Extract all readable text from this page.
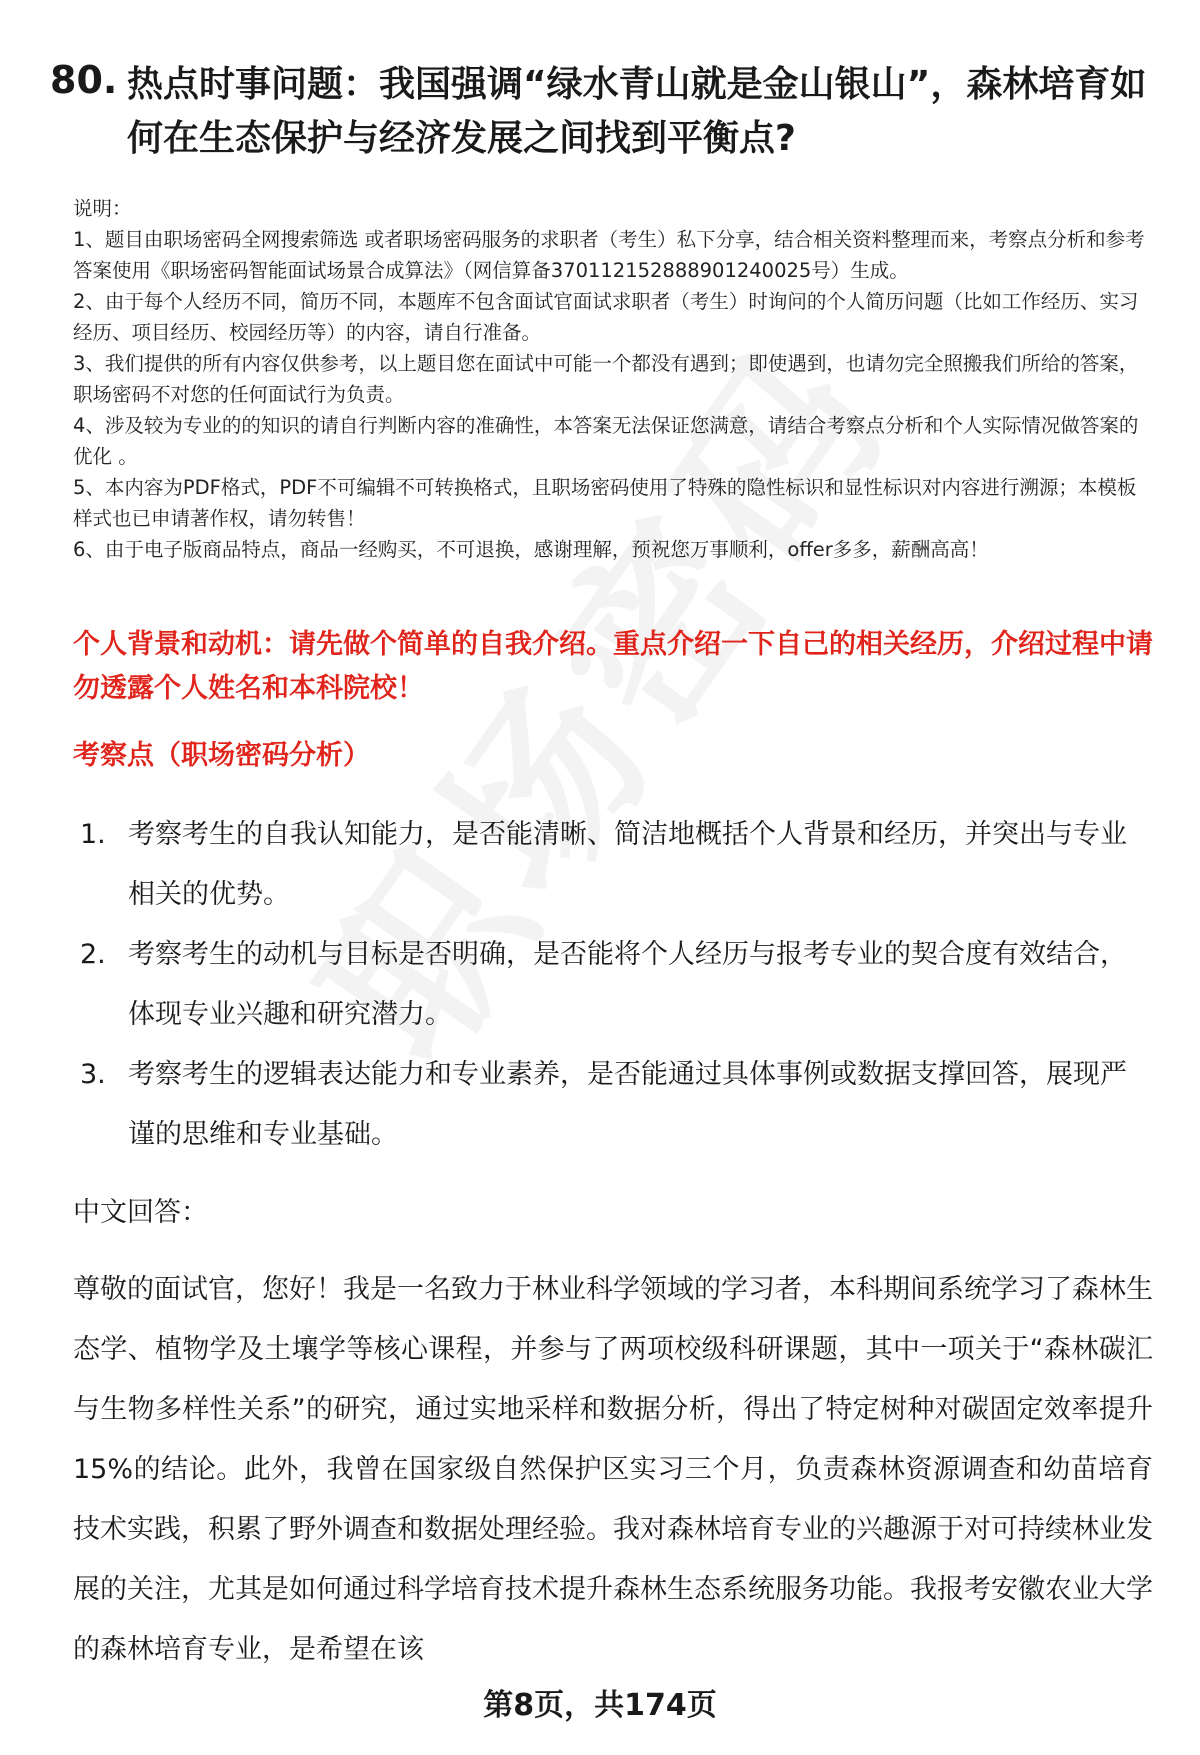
80. 热点时事问题：我国强调“绿水青山就是金山银山”，森林培育如何在生态保护与经济发展之间找到平衡点?

说明：

1、题目由职场密码全网搜索筛选 或者职场密码服务的求职者（考生）私下分享，结合相关资料整理而来，考察点分析和参考答案使用《职场密码智能面试场景合成算法》（网信算备370112152888901240025号）生成。

2、由于每个人经历不同，简历不同，本题库不包含面试官面试求职者（考生）时询问的个人简历问题（比如工作经历、实习经历、项目经历、校园经历等）的内容，请自行准备。

3、我们提供的所有内容仅供参考，以上题目您在面试中可能一个都没有遇到；即使遇到，也请勿完全照搬我们所给的答案，职场密码不对您的任何面试行为负责。

4、涉及较为专业的的知识的请自行判断内容的准确性，本答案无法保证您满意，请结合考察点分析和个人实际情况做答案的优化 。

5、本内容为PDF格式，PDF不可编辑不可转换格式，且职场密码使用了特殊的隐性标识和显性标识对内容进行溯源；本模板样式也已申请著作权，请勿转售！

6、由于电子版商品特点，商品一经购买，不可退换，感谢理解，预祝您万事顺利，offer多多，薪酬高高！

个人背景和动机：请先做个简单的自我介绍。重点介绍一下自己的相关经历，介绍过程中请勿透露个人姓名和本科院校！
考察点（职场密码分析）
1. 考察考生的自我认知能力，是否能清晰、简洁地概括个人背景和经历，并突出与专业相关的优势。
2. 考察考生的动机与目标是否明确，是否能将个人经历与报考专业的契合度有效结合，体现专业兴趣和研究潜力。
3. 考察考生的逻辑表达能力和专业素养，是否能通过具体事例或数据支撑回答，展现严谨的思维和专业基础。
中文回答：

尊敬的面试官，您好！我是一名致力于林业科学领域的学习者，本科期间系统学习了森林生态学、植物学及土壤学等核心课程，并参与了两项校级科研课题，其中一项关于“森林碳汇与生物多样性关系”的研究，通过实地采样和数据分析，得出了特定树种对碳固定效率提升15%的结论。此外，我曾在国家级自然保护区实习三个月，负责森林资源调查和幼苗培育技术实践，积累了野外调查和数据处理经验。我对森林培育专业的兴趣源于对可持续林业发展的关注，尤其是如何通过科学培育技术提升森林生态系统服务功能。我报考安徽农业大学的森林培育专业，是希望在该

第8页，共174页
